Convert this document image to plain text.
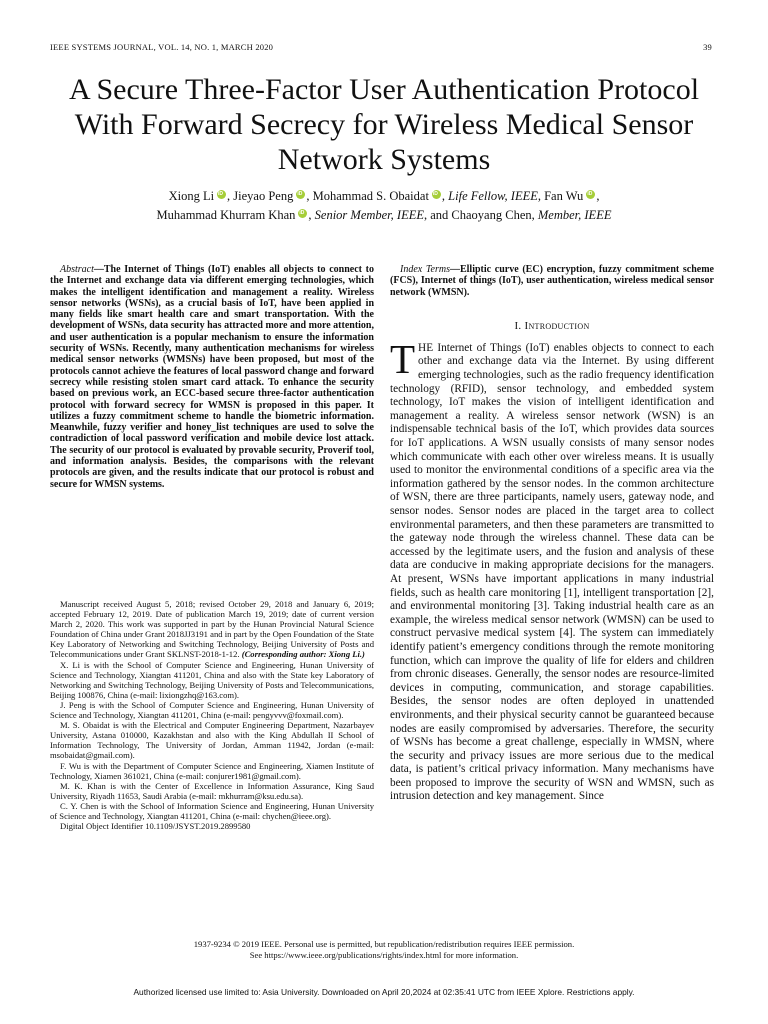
IEEE SYSTEMS JOURNAL, VOL. 14, NO. 1, MARCH 2020	39
A Secure Three-Factor User Authentication Protocol With Forward Secrecy for Wireless Medical Sensor Network Systems
Xiong Li iD , Jieyao Peng iD , Mohammad S. Obaidat iD , Life Fellow, IEEE, Fan Wu iD ,
Muhammad Khurram Khan iD , Senior Member, IEEE, and Chaoyang Chen, Member, IEEE

Abstract—The Internet of Things (IoT) enables all objects to connect to the Internet and exchange data via different emerging technologies, which makes the intelligent identification and management a reality. Wireless sensor networks (WSNs), as a crucial basis of IoT, have been applied in many fields like smart health care and smart transportation. With the development of WSNs, data security has attracted more and more attention, and user authentication is a popular mechanism to ensure the information security of WSNs. Recently, many authentication mechanisms for wireless medical sensor networks (WMSNs) have been proposed, but most of the protocols cannot achieve the features of local password change and forward secrecy while resisting stolen smart card attack. To enhance the security based on previous work, an ECC-based secure three-factor authentication protocol with forward secrecy for WMSN is proposed in this paper. It utilizes a fuzzy commitment scheme to handle the biometric information. Meanwhile, fuzzy verifier and honey_list techniques are used to solve the contradiction of local password verification and mobile device lost attack. The security of our protocol is evaluated by provable security, Proverif tool, and information analysis. Besides, the comparisons with the relevant protocols are given, and the results indicate that our protocol is robust and secure for WMSN systems.

Manuscript received August 5, 2018; revised October 29, 2018 and January 6, 2019; accepted February 12, 2019. Date of publication March 19, 2019; date of current version March 2, 2020. This work was supported in part by the Hunan Provincial Natural Science Foundation of China under Grant 2018JJ3191 and in part by the Open Foundation of the State Key Laboratory of Networking and Switching Technology, Beijing University of Posts and Telecommunications under Grant SKLNST-2018-1-12. (Corresponding author: Xiong Li.)

X. Li is with the School of Computer Science and Engineering, Hunan University of Science and Technology, Xiangtan 411201, China and also with the State key Laboratory of Networking and Switching Technology, Beijing University of Posts and Telecommunications, Beijing 100876, China (e-mail: lixiongzhq@163.com).

J. Peng is with the School of Computer Science and Engineering, Hunan University of Science and Technology, Xiangtan 411201, China (e-mail: pengyvvv@foxmail.com).

M. S. Obaidat is with the Electrical and Computer Engineering Department, Nazarbayev University, Astana 010000, Kazakhstan and also with the King Abdullah II School of Information Technology, The University of Jordan, Amman 11942, Jordan (e-mail: msobaidat@gmail.com).

F. Wu is with the Department of Computer Science and Engineering, Xiamen Institute of Technology, Xiamen 361021, China (e-mail: conjurer1981@gmail.com).

M. K. Khan is with the Center of Excellence in Information Assurance, King Saud University, Riyadh 11653, Saudi Arabia (e-mail: mkhurram@ksu.edu.sa).

C. Y. Chen is with the School of Information Science and Engineering, Hunan University of Science and Technology, Xiangtan 411201, China (e-mail: chychen@ieee.org).

Digital Object Identifier 10.1109/JSYST.2019.2899580

Index Terms—Elliptic curve (EC) encryption, fuzzy commitment scheme (FCS), Internet of things (IoT), user authentication, wireless medical sensor network (WMSN).

I. Introduction

THE Internet of Things (IoT) enables objects to connect to each other and exchange data via the Internet. By using different emerging technologies, such as the radio frequency identification technology (RFID), sensor technology, and embedded system technology, IoT makes the vision of intelligent identification and management a reality. A wireless sensor network (WSN) is an indispensable technical basis of the IoT, which provides data sources for IoT applications. A WSN usually consists of many sensor nodes which communicate with each other over wireless means. It is usually used to monitor the environmental conditions of a specific area via the information gathered by the sensor nodes. In the common architecture of WSN, there are three participants, namely users, gateway node, and sensor nodes. Sensor nodes are placed in the target area to collect environmental parameters, and then these parameters are transmitted to the gateway node through the wireless channel. These data can be accessed by the legitimate users, and the fusion and analysis of these data are conducive in making appropriate decisions for the managers. At present, WSNs have important applications in many industrial fields, such as health care monitoring [1], intelligent transportation [2], and environmental monitoring [3]. Taking industrial health care as an example, the wireless medical sensor network (WMSN) can be used to construct pervasive medical system [4]. The system can immediately identify patient’s emergency conditions through the remote monitoring function, which can improve the quality of life for elders and children from chronic diseases. Generally, the sensor nodes are resource-limited devices in computing, communication, and storage capabilities. Besides, the sensor nodes are often deployed in unattended environments, and their physical security cannot be guaranteed because nodes are easily compromised by adversaries. Therefore, the security of WSNs has become a great challenge, especially in WMSN, where the security and privacy issues are more serious due to the medical data, is patient’s critical privacy information. Many mechanisms have been proposed to improve the security of WSN and WMSN, such as intrusion detection and key management. Since

1937-9234 © 2019 IEEE. Personal use is permitted, but republication/redistribution requires IEEE permission.
See https://www.ieee.org/publications/rights/index.html for more information.
Authorized licensed use limited to: Asia University. Downloaded on April 20,2024 at 02:35:41 UTC from IEEE Xplore. Restrictions apply.
